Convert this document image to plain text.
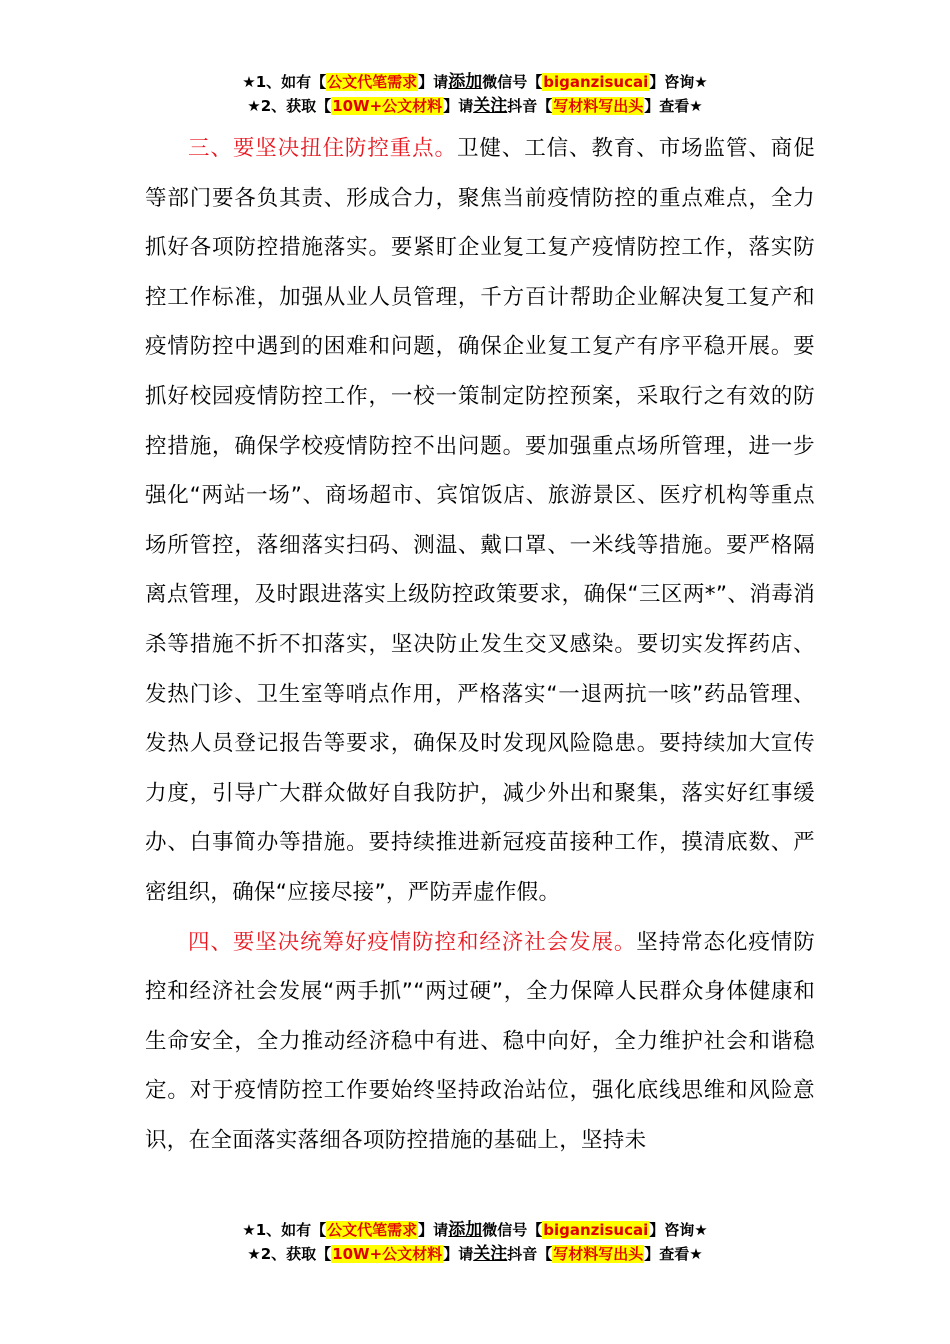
★1、如有【公文代笔需求】请添加微信号【biganzisucai】咨询★
★2、获取【10W+公文材料】请关注抖音【写材料写出头】查看★

三、要坚决扭住防控重点。卫健、工信、教育、市场监管、商促等部门要各负其责、形成合力，聚焦当前疫情防控的重点难点，全力抓好各项防控措施落实。要紧盯企业复工复产疫情防控工作，落实防控工作标准，加强从业人员管理，千方百计帮助企业解决复工复产和疫情防控中遇到的困难和问题，确保企业复工复产有序平稳开展。要抓好校园疫情防控工作，一校一策制定防控预案，采取行之有效的防控措施，确保学校疫情防控不出问题。要加强重点场所管理，进一步强化“两站一场”、商场超市、宾馆饭店、旅游景区、医疗机构等重点场所管控，落细落实扫码、测温、戴口罩、一米线等措施。要严格隔离点管理，及时跟进落实上级防控政策要求，确保“三区两*”、消毒消杀等措施不折不扣落实，坚决防止发生交叉感染。要切实发挥药店、发热门诊、卫生室等哨点作用，严格落实“一退两抗一咳”药品管理、发热人员登记报告等要求，确保及时发现风险隐患。要持续加大宣传力度，引导广大群众做好自我防护，减少外出和聚集，落实好红事缓办、白事简办等措施。要持续推进新冠疫苗接种工作，摸清底数、严密组织，确保“应接尽接”，严防弄虚作假。

四、要坚决统筹好疫情防控和经济社会发展。坚持常态化疫情防控和经济社会发展“两手抓”“两过硬”，全力保障人民群众身体健康和生命安全，全力推动经济稳中有进、稳中向好，全力维护社会和谐稳定。对于疫情防控工作要始终坚持政治站位，强化底线思维和风险意识，在全面落实落细各项防控措施的基础上，坚持未

★1、如有【公文代笔需求】请添加微信号【biganzisucai】咨询★
★2、获取【10W+公文材料】请关注抖音【写材料写出头】查看★
